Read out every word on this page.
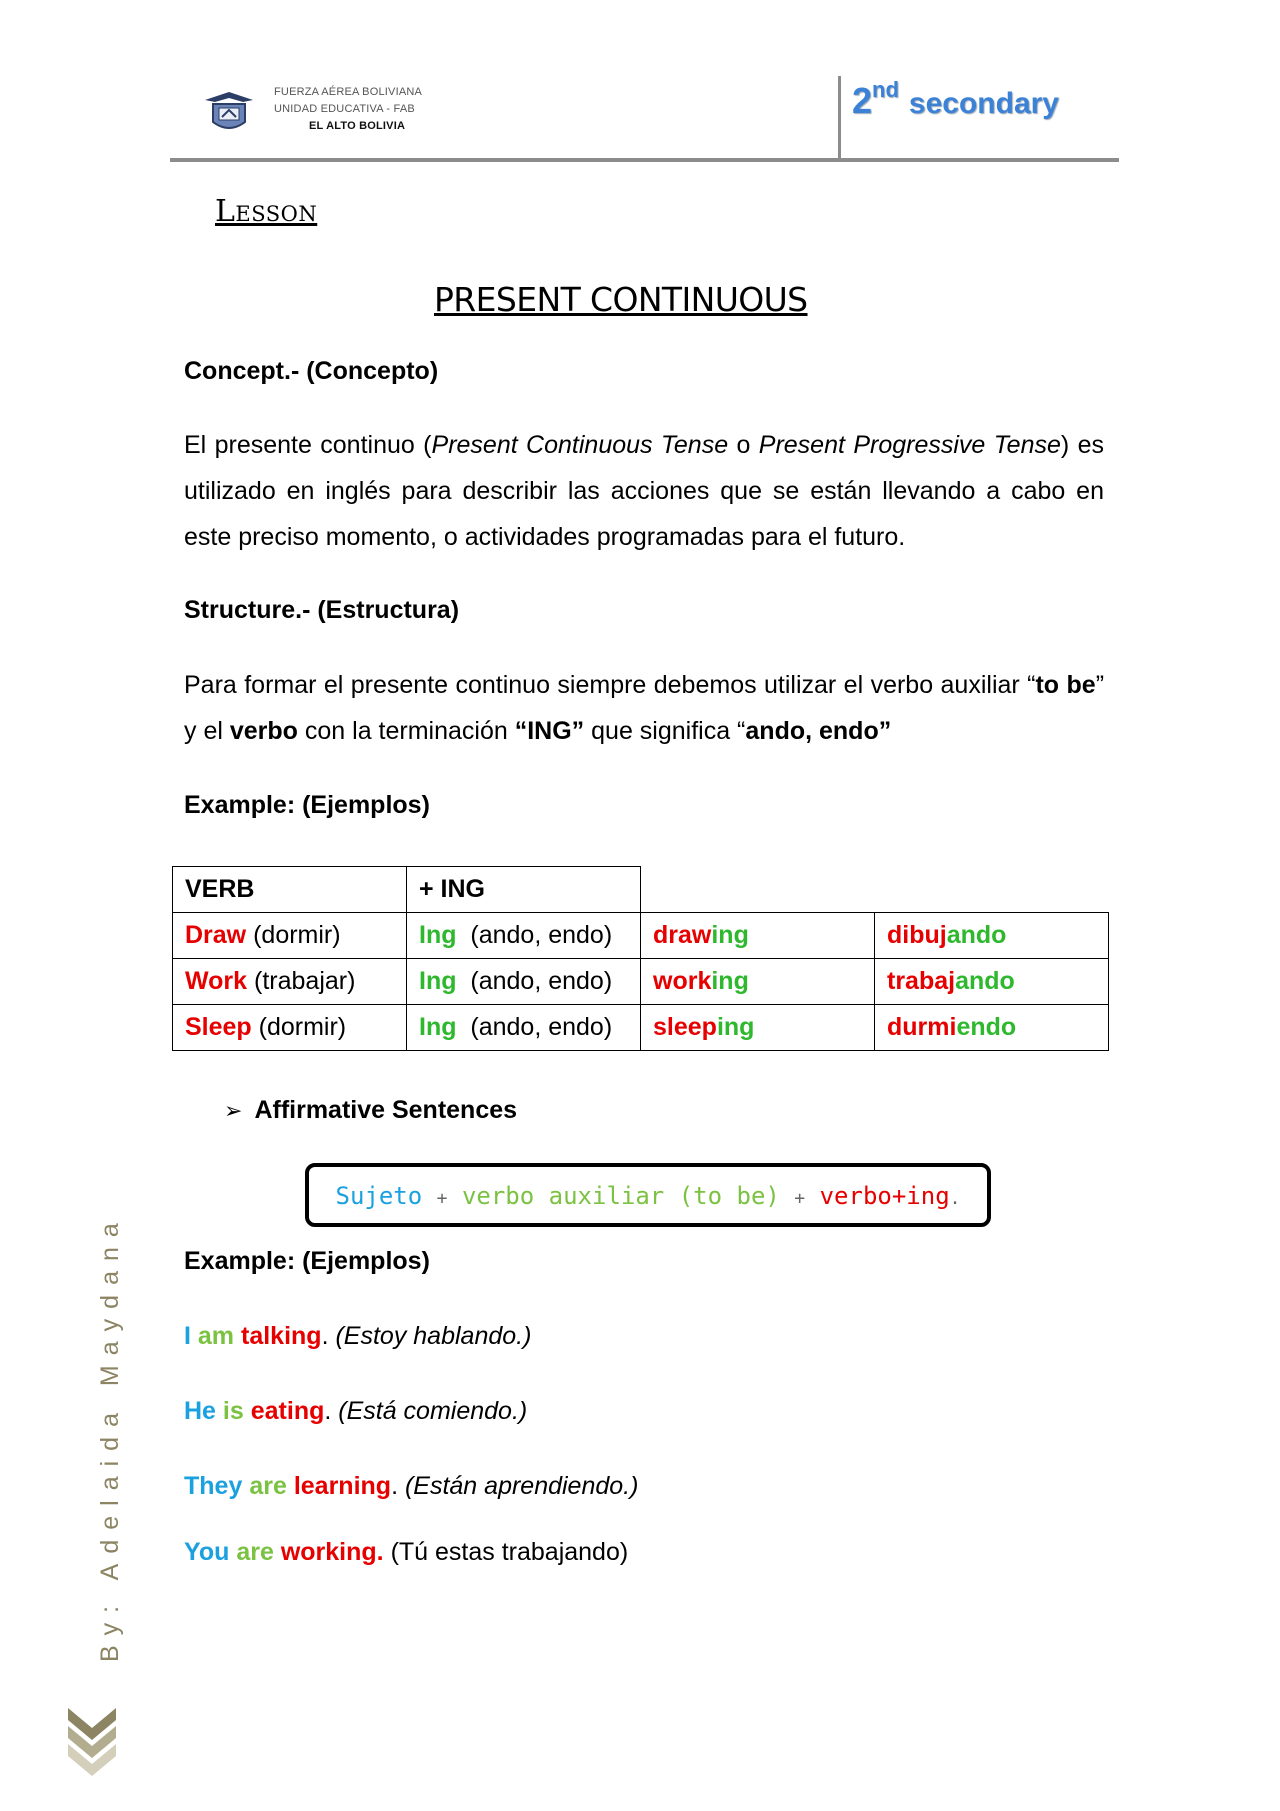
FUERZA AÉREA BOLIVIANA
UNIDAD EDUCATIVA - FAB
EL ALTO BOLIVIA
2nd secondary
Lesson
PRESENT CONTINUOUS
Concept.- (Concepto)
El presente continuo (Present Continuous Tense o Present Progressive Tense) es utilizado en inglés para describir las acciones que se están llevando a cabo en este preciso momento, o actividades programadas para el futuro.
Structure.- (Estructura)
Para formar el presente continuo siempre debemos utilizar el verbo auxiliar “to be” y el verbo con la terminación “ING” que significa “ando, endo”
Example: (Ejemplos)
VERB	+ ING		
Draw (dormir)	Ing  (ando, endo)	drawing	dibujando
Work (trabajar)	Ing  (ando, endo)	working	trabajando
Sleep (dormir)	Ing  (ando, endo)	sleeping	durmiendo
➢ Affirmative Sentences
Sujeto + verbo auxiliar (to be) + verbo+ing.
Example: (Ejemplos)
I am talking. (Estoy hablando.)
He is eating. (Está comiendo.)
They are learning. (Están aprendiendo.)
You are working. (Tú estas trabajando)
By: Adelaida Maydana
